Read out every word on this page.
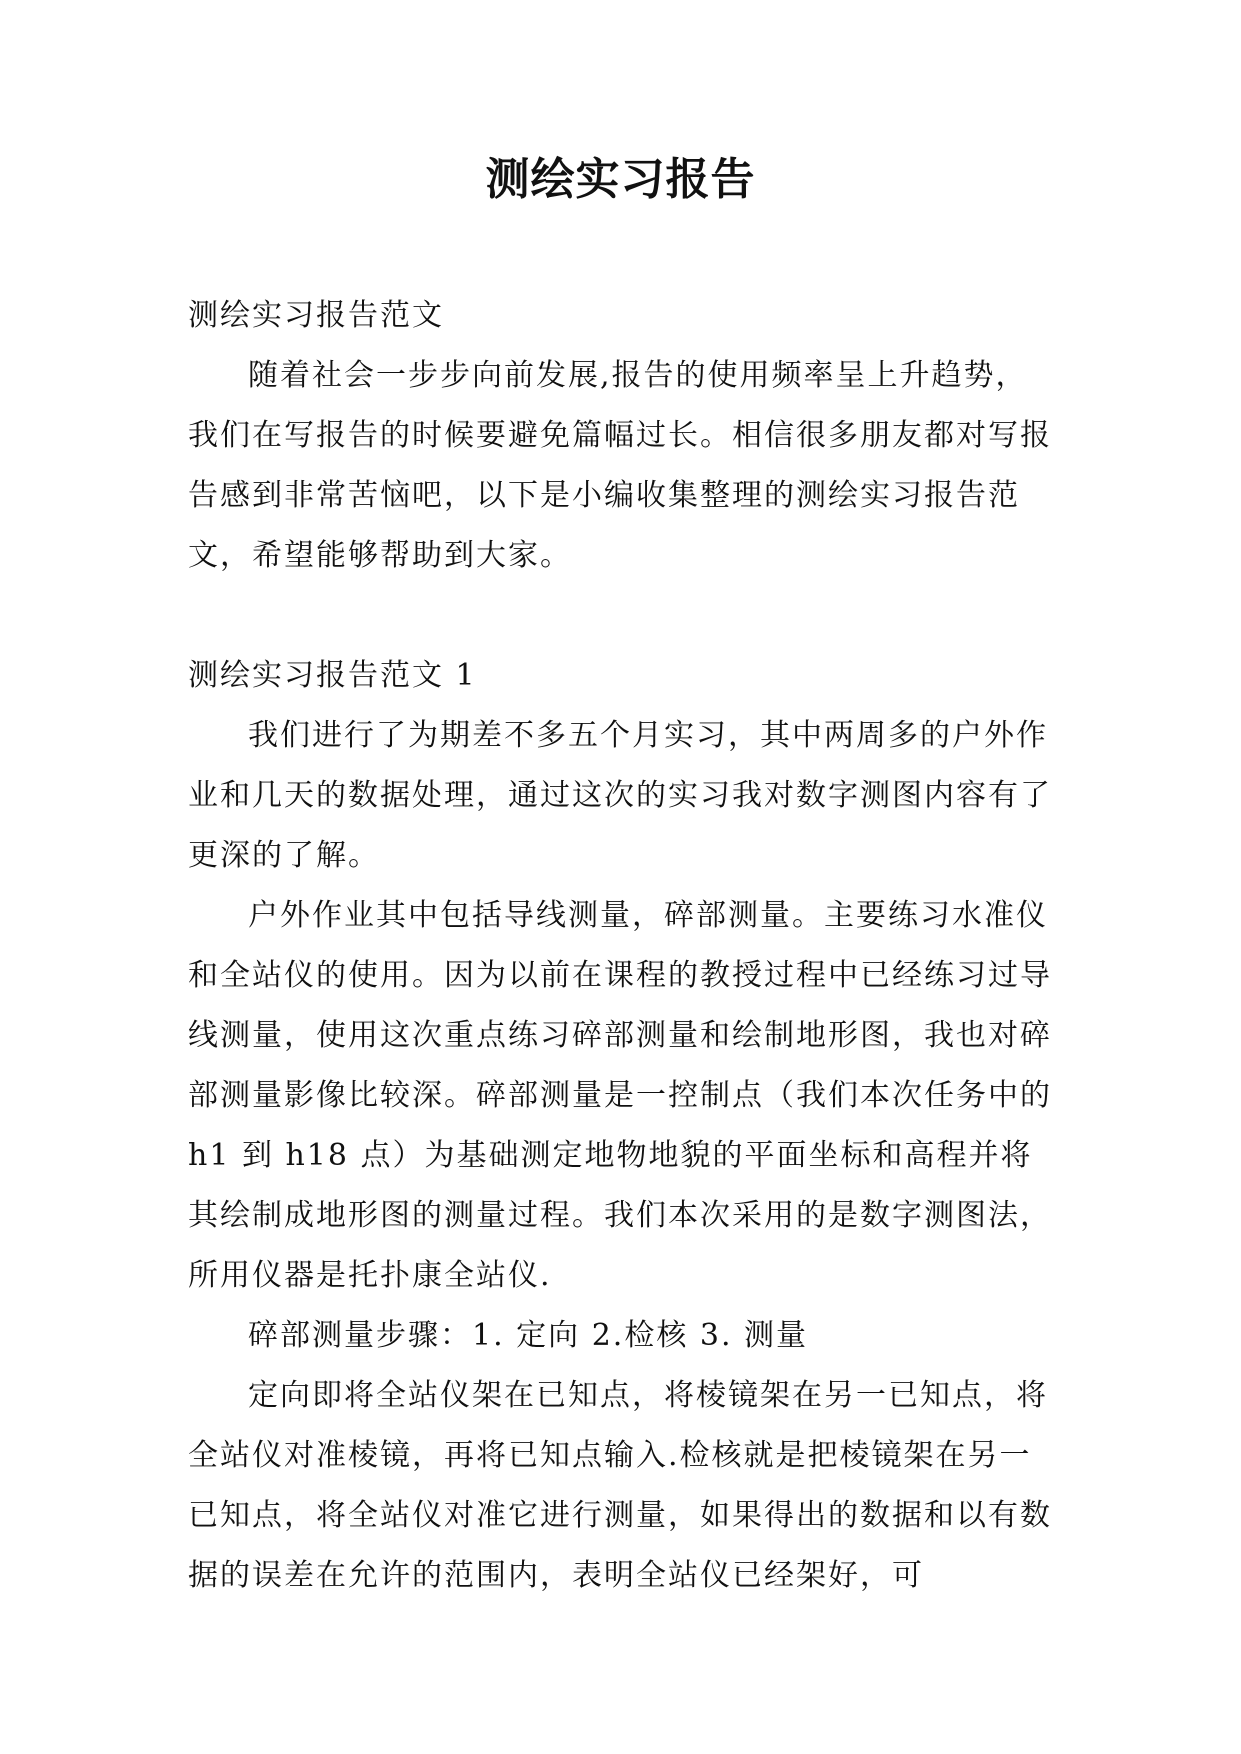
测绘实习报告

测绘实习报告范文

随着社会一步步向前发展,报告的使用频率呈上升趋势，我们在写报告的时候要避免篇幅过长。相信很多朋友都对写报告感到非常苦恼吧，以下是小编收集整理的测绘实习报告范文，希望能够帮助到大家。

测绘实习报告范文 1

我们进行了为期差不多五个月实习，其中两周多的户外作业和几天的数据处理，通过这次的实习我对数字测图内容有了更深的了解。

户外作业其中包括导线测量，碎部测量。主要练习水准仪和全站仪的使用。因为以前在课程的教授过程中已经练习过导线测量，使用这次重点练习碎部测量和绘制地形图，我也对碎部测量影像比较深。碎部测量是一控制点（我们本次任务中的 h1 到 h18 点）为基础测定地物地貌的平面坐标和高程并将其绘制成地形图的测量过程。我们本次采用的是数字测图法，所用仪器是托扑康全站仪.

碎部测量步骤：1. 定向 2.检核 3. 测量

定向即将全站仪架在已知点，将棱镜架在另一已知点，将全站仪对准棱镜，再将已知点输入.检核就是把棱镜架在另一已知点，将全站仪对准它进行测量，如果得出的数据和以有数据的误差在允许的范围内，表明全站仪已经架好，可
